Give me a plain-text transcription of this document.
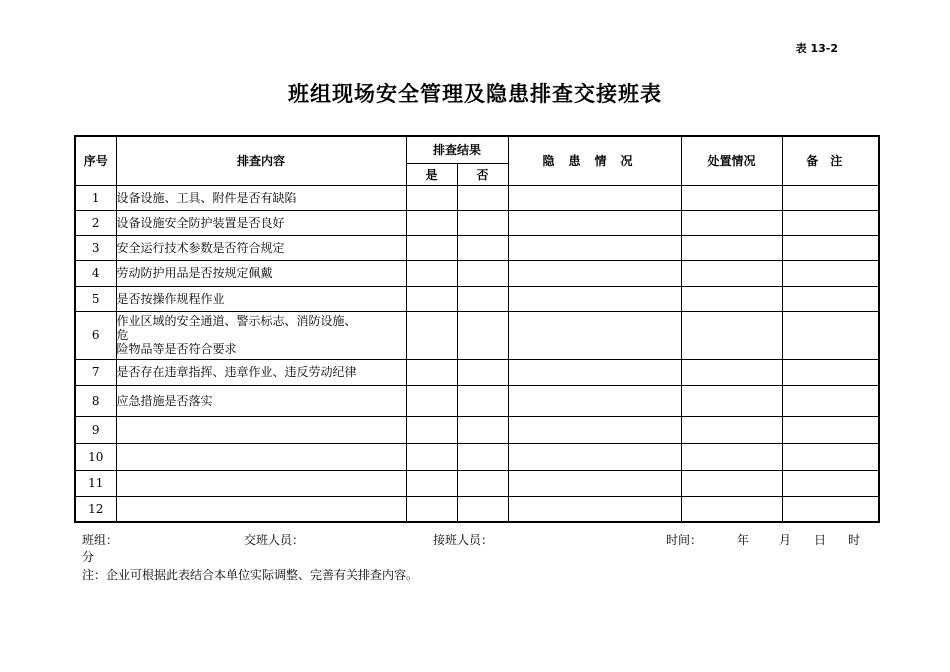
表 13-2
班组现场安全管理及隐患排查交接班表
序号	排查内容	排查结果		隐患情况	处置情况	备注
		是	否			
1	设备设施、工具、附件是否有缺陷					
2	设备设施安全防护装置是否良好					
3	安全运行技术参数是否符合规定					
4	劳动防护用品是否按规定佩戴					
5	是否按操作规程作业					
6	作业区域的安全通道、警示标志、消防设施、
危
险物品等是否符合要求					

7	是否存在违章指挥、违章作业、违反劳动纪律					
8	应急措施是否落实					
9						
10						
11						
12						
班组：	交班人员：	接班人员：	时间：	年 月 日 时
分
注：企业可根据此表结合本单位实际调整、完善有关排查内容。
